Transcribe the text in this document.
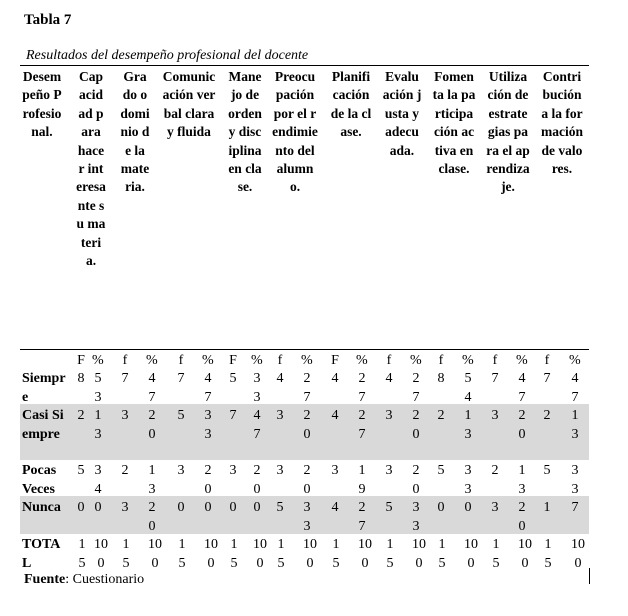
Tabla 7
Resultados del desempeño profesional del docente
Desempeño Profesional.
Capacidad para hacer interesante su materia.
Grado o dominio de la materia.
Comunicación verbal clara y fluida
Manejo de orden y disciplina en clase.
Preocupación por el rendimiento del alumno.
Planificación de la clase.
Evaluación justa y adecuada.
Fomenta la participación activa en clase.
Utilización de estrategias para el aprendizaje.
Contribución a la formación de valores.
F % f % f % F % f % F % f % f % f % f %
Siempre
8 53
7 47
7 47
5 33
4 27
4 27
4 27
8 54
7 47
7 47
Casi Siempre
2 13
3 20
5 33
7 47
3 20
4 27
3 20
2 13
3 20
2 13
Pocas Veces
5 34
2 13
3 20
3 20
3 20
3 19
3 20
5 33
2 13
5 33
Nunca	0 0 3 20
0 0 0 0 5 33
4 27
5 33
0 0 3 20
1 7
TOTAL
15
100
15
100
15
100
15
100
15
100
15
100
15
100
15
100
15
100
15
100
Fuente: Cuestionario
